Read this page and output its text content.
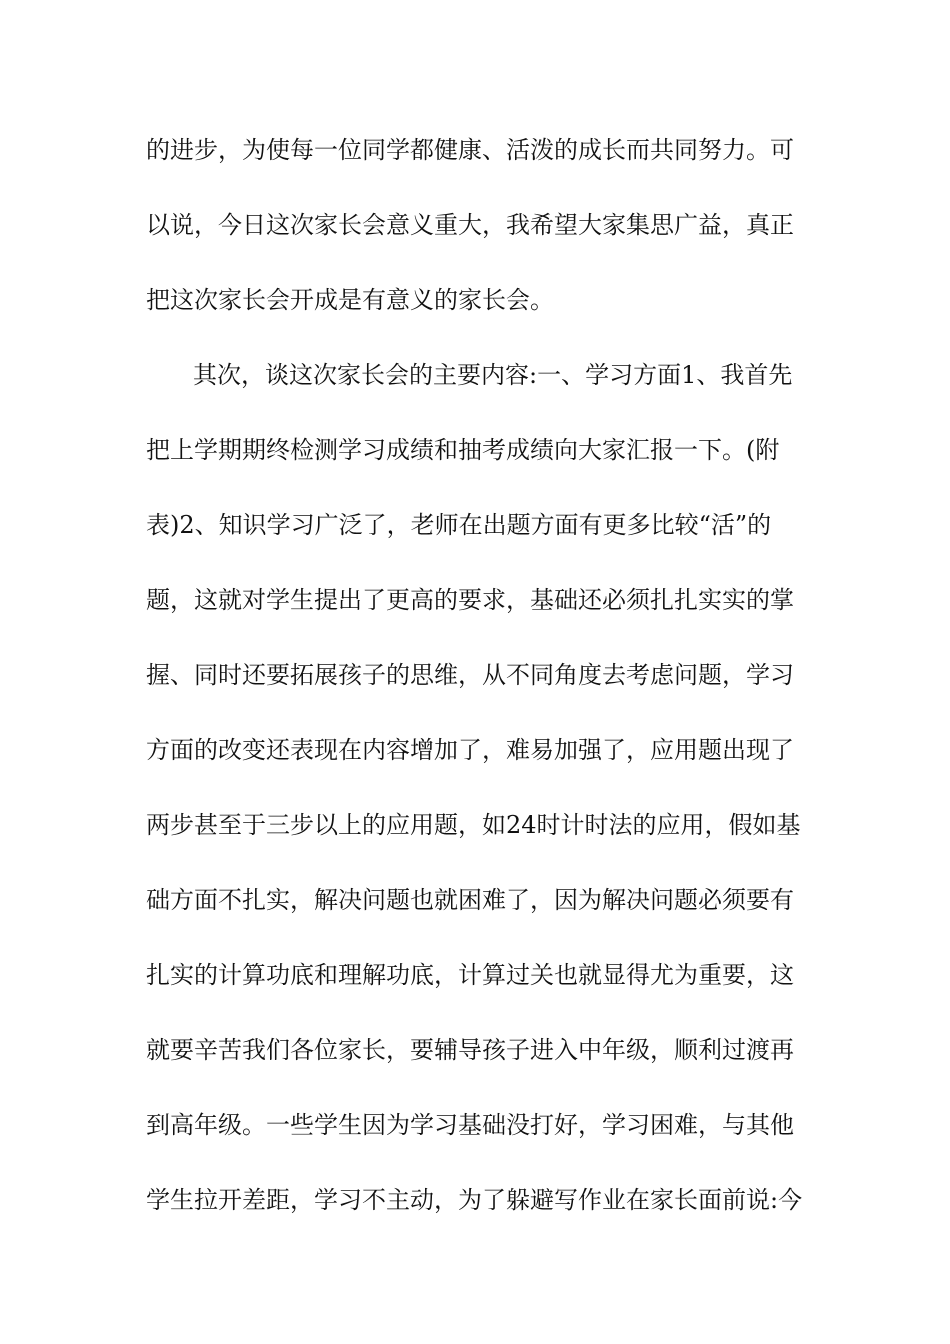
的进步，为使每一位同学都健康、活泼的成长而共同努力。可
以说，今日这次家长会意义重大，我希望大家集思广益，真正
把这次家长会开成是有意义的家长会。
其次，谈这次家长会的主要内容:一、学习方面1、我首先
把上学期期终检测学习成绩和抽考成绩向大家汇报一下。(附
表)2、知识学习广泛了，老师在出题方面有更多比较“活”的
题，这就对学生提出了更高的要求，基础还必须扎扎实实的掌
握、同时还要拓展孩子的思维，从不同角度去考虑问题，学习
方面的改变还表现在内容增加了，难易加强了，应用题出现了
两步甚至于三步以上的应用题，如24时计时法的应用，假如基
础方面不扎实，解决问题也就困难了，因为解决问题必须要有
扎实的计算功底和理解功底，计算过关也就显得尤为重要，这
就要辛苦我们各位家长，要辅导孩子进入中年级，顺利过渡再
到高年级。一些学生因为学习基础没打好，学习困难，与其他
学生拉开差距，学习不主动，为了躲避写作业在家长面前说:今
